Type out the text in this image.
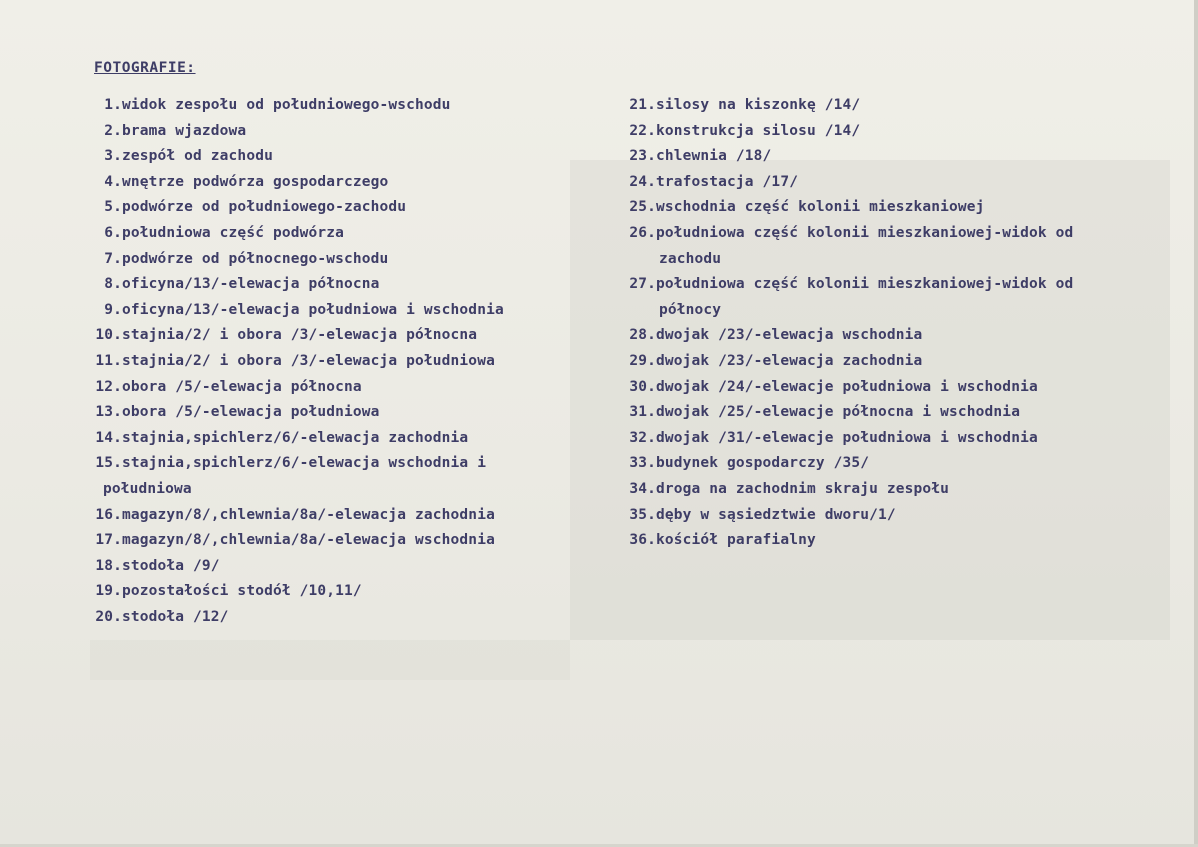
FOTOGRAFIE:
1.widok zespołu od południowego-wschodu
2.brama wjazdowa
3.zespół od zachodu
4.wnętrze podwórza gospodarczego
5.podwórze od południowego-zachodu
6.południowa część podwórza
7.podwórze od północnego-wschodu
8.oficyna/13/-elewacja północna
9.oficyna/13/-elewacja południowa i wschodnia
10.stajnia/2/ i obora /3/-elewacja północna
11.stajnia/2/ i obora /3/-elewacja południowa
12.obora /5/-elewacja północna
13.obora /5/-elewacja południowa
14.stajnia,spichlerz/6/-elewacja zachodnia
15.stajnia,spichlerz/6/-elewacja wschodnia i
południowa
16.magazyn/8/,chlewnia/8a/-elewacja zachodnia
17.magazyn/8/,chlewnia/8a/-elewacja wschodnia
18.stodoła /9/
19.pozostałości stodół /10,11/
20.stodoła /12/
21.silosy na kiszonkę /14/
22.konstrukcja silosu /14/
23.chlewnia /18/
24.trafostacja /17/
25.wschodnia część kolonii mieszkaniowej
26.południowa część kolonii mieszkaniowej-widok od
zachodu
27.południowa część kolonii mieszkaniowej-widok od
północy
28.dwojak /23/-elewacja wschodnia
29.dwojak /23/-elewacja zachodnia
30.dwojak /24/-elewacje południowa i wschodnia
31.dwojak /25/-elewacje północna i wschodnia
32.dwojak /31/-elewacje południowa i wschodnia
33.budynek gospodarczy /35/
34.droga na zachodnim skraju zespołu
35.dęby w sąsiedztwie dworu/1/
36.kościół parafialny
